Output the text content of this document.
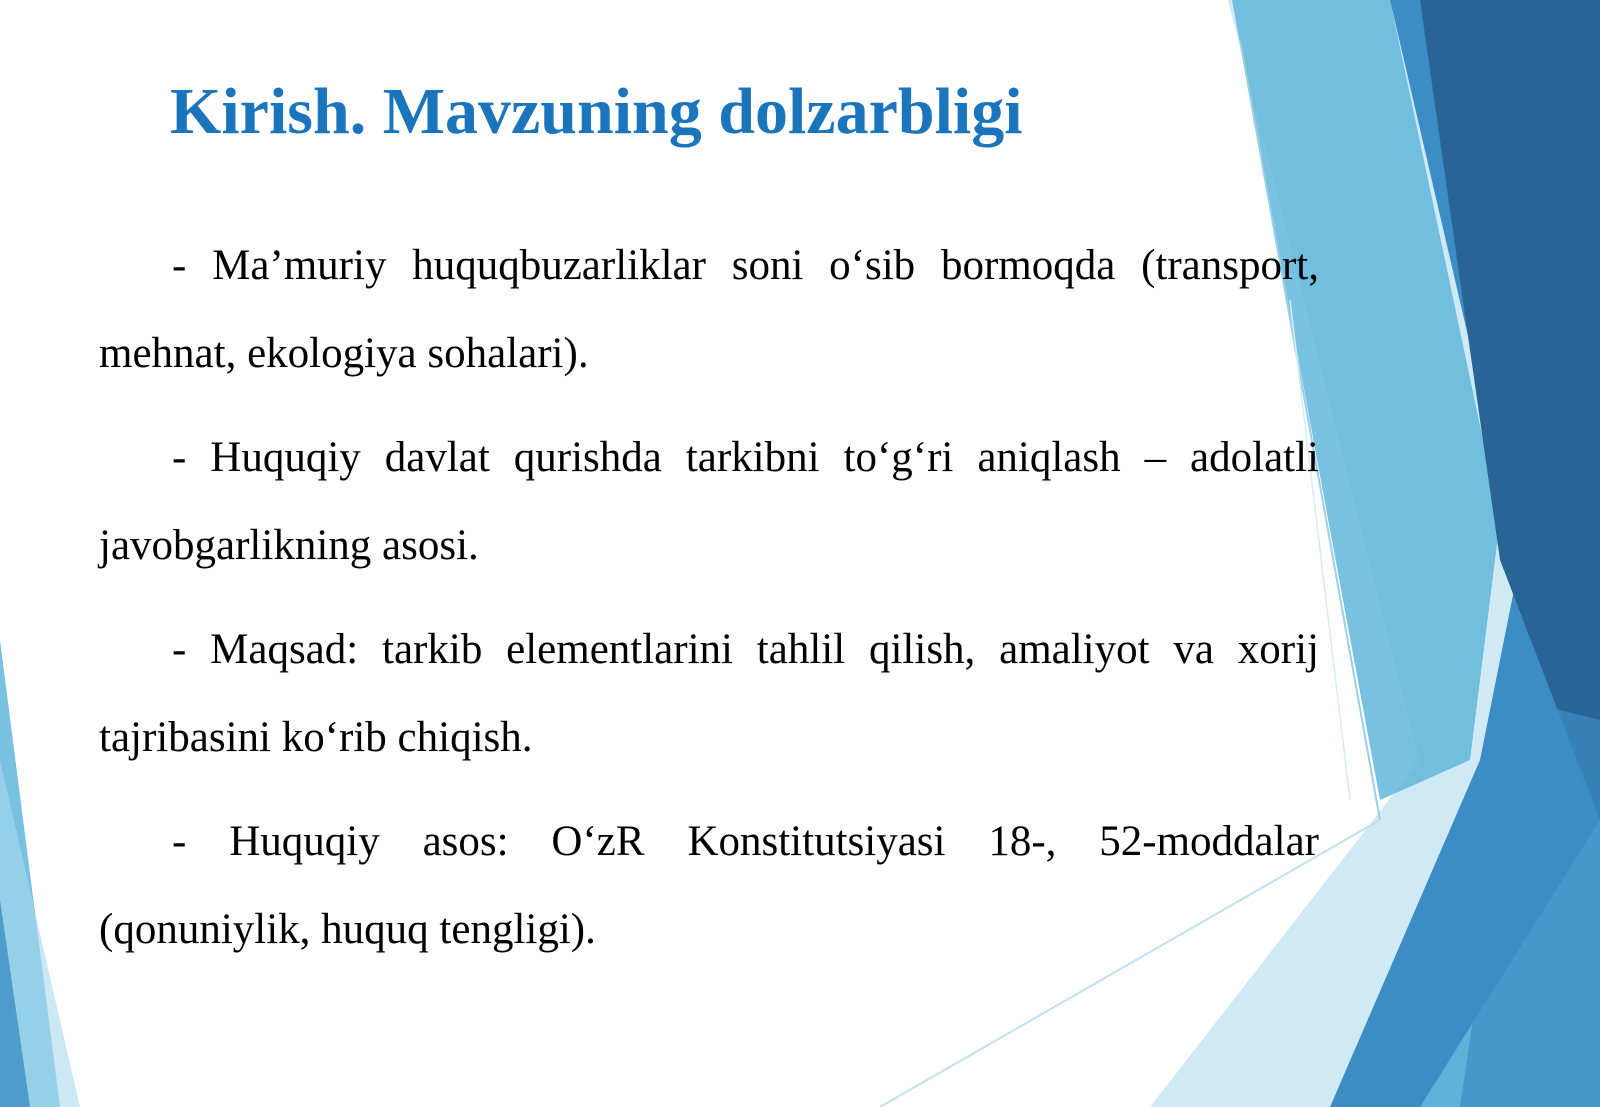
Kirish. Mavzuning dolzarbligi

- Ma’muriy huquqbuzarliklar soni o‘sib bormoqda (transport, mehnat, ekologiya sohalari).

- Huquqiy davlat qurishda tarkibni to‘g‘ri aniqlash – adolatli javobgarlikning asosi.

- Maqsad: tarkib elementlarini tahlil qilish, amaliyot va xorij tajribasini ko‘rib chiqish.

- Huquqiy asos: O‘zR Konstitutsiyasi 18-, 52-moddalar (qonuniylik, huquq tengligi).
